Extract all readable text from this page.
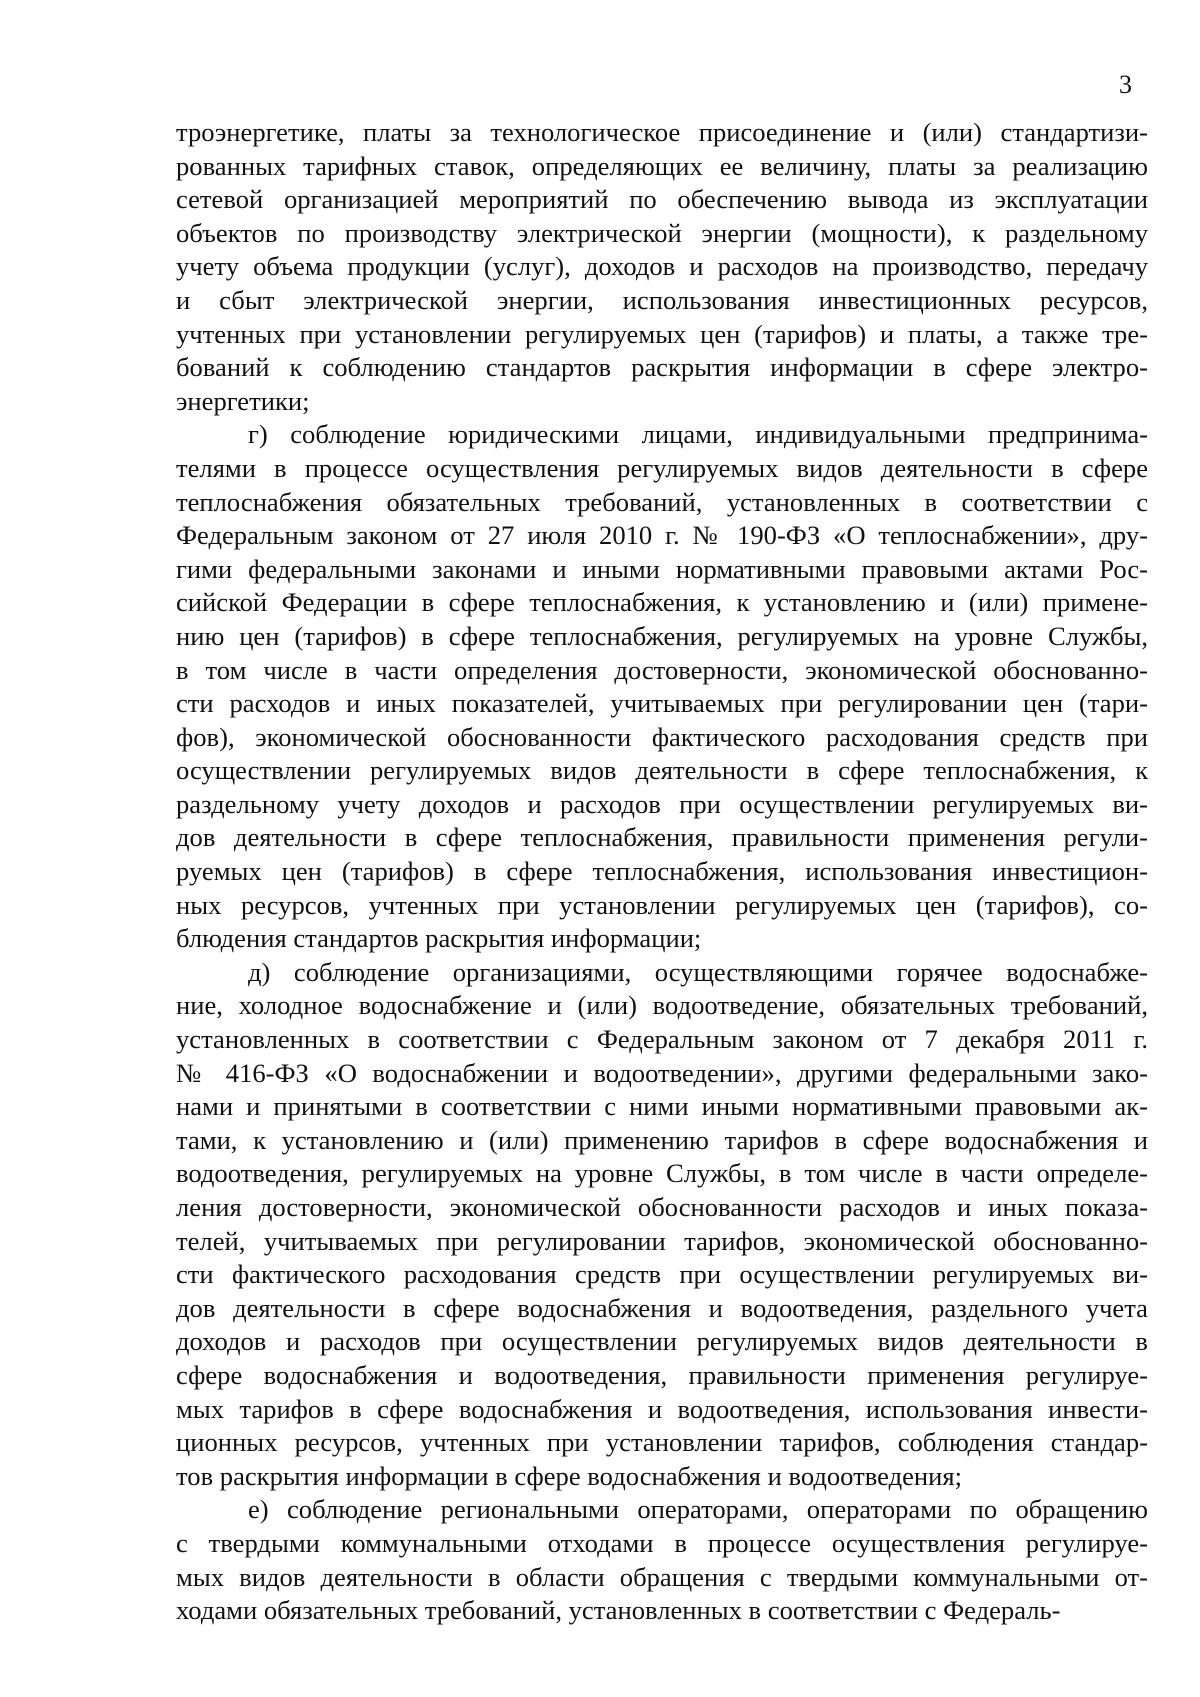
3

троэнергетике, платы за технологическое присоединение и (или) стандартизи-
рованных тарифных ставок, определяющих ее величину, платы за реализацию
сетевой организацией мероприятий по обеспечению вывода из эксплуатации
объектов по производству электрической энергии (мощности), к раздельному
учету объема продукции (услуг), доходов и расходов на производство, передачу
и сбыт электрической энергии, использования инвестиционных ресурсов,
учтенных при установлении регулируемых цен (тарифов) и платы, а также тре-
бований к соблюдению стандартов раскрытия информации в сфере электро-
энергетики;

г) соблюдение юридическими лицами, индивидуальными предпринима-
телями в процессе осуществления регулируемых видов деятельности в сфере
теплоснабжения обязательных требований, установленных в соответствии с
Федеральным законом от 27 июля 2010 г. № 190-ФЗ «О теплоснабжении», дру-
гими федеральными законами и иными нормативными правовыми актами Рос-
сийской Федерации в сфере теплоснабжения, к установлению и (или) примене-
нию цен (тарифов) в сфере теплоснабжения, регулируемых на уровне Службы,
в том числе в части определения достоверности, экономической обоснованно-
сти расходов и иных показателей, учитываемых при регулировании цен (тари-
фов), экономической обоснованности фактического расходования средств при
осуществлении регулируемых видов деятельности в сфере теплоснабжения, к
раздельному учету доходов и расходов при осуществлении регулируемых ви-
дов деятельности в сфере теплоснабжения, правильности применения регули-
руемых цен (тарифов) в сфере теплоснабжения, использования инвестицион-
ных ресурсов, учтенных при установлении регулируемых цен (тарифов), со-
блюдения стандартов раскрытия информации;

д) соблюдение организациями, осуществляющими горячее водоснабже-
ние, холодное водоснабжение и (или) водоотведение, обязательных требований,
установленных в соответствии с Федеральным законом от 7 декабря 2011 г.
№ 416-ФЗ «О водоснабжении и водоотведении», другими федеральными зако-
нами и принятыми в соответствии с ними иными нормативными правовыми ак-
тами, к установлению и (или) применению тарифов в сфере водоснабжения и
водоотведения, регулируемых на уровне Службы, в том числе в части определе-
ления достоверности, экономической обоснованности расходов и иных показа-
телей, учитываемых при регулировании тарифов, экономической обоснованно-
сти фактического расходования средств при осуществлении регулируемых ви-
дов деятельности в сфере водоснабжения и водоотведения, раздельного учета
доходов и расходов при осуществлении регулируемых видов деятельности в
сфере водоснабжения и водоотведения, правильности применения регулируе-
мых тарифов в сфере водоснабжения и водоотведения, использования инвести-
ционных ресурсов, учтенных при установлении тарифов, соблюдения стандар-
тов раскрытия информации в сфере водоснабжения и водоотведения;

е) соблюдение региональными операторами, операторами по обращению
с твердыми коммунальными отходами в процессе осуществления регулируе-
мых видов деятельности в области обращения с твердыми коммунальными от-
ходами обязательных требований, установленных в соответствии с Федераль-
